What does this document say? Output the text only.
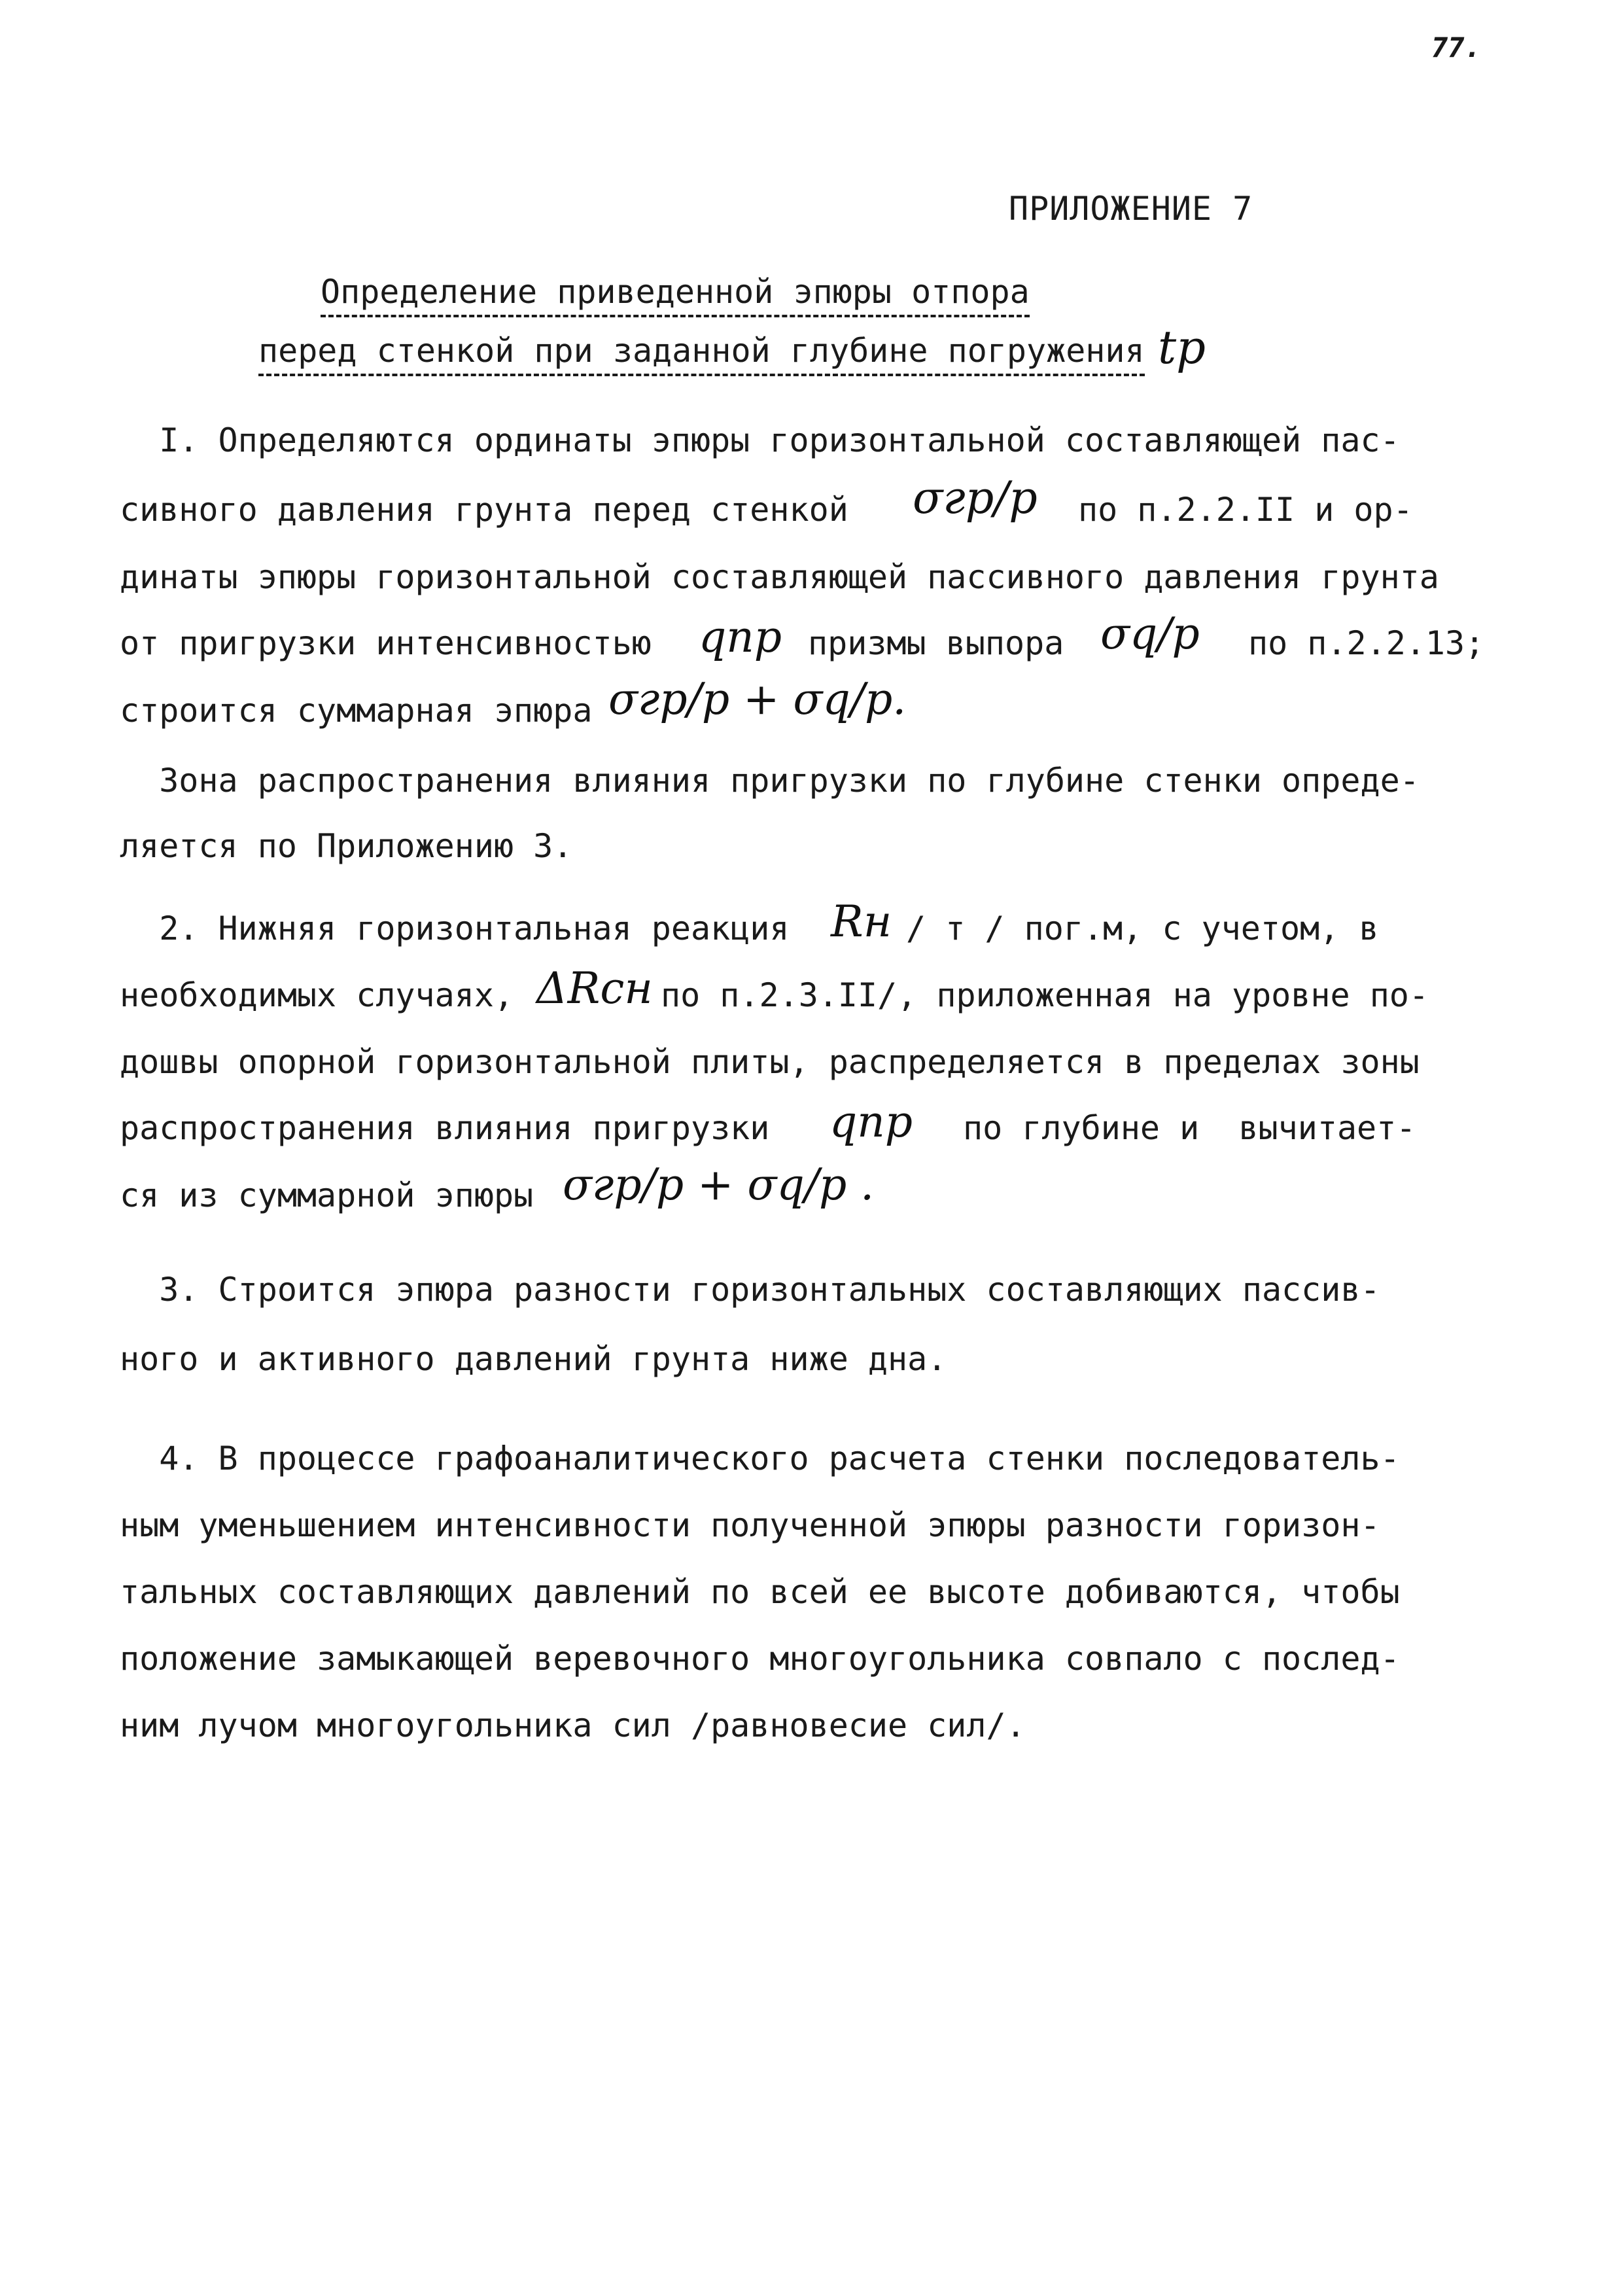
77.
ПРИЛОЖЕНИЕ 7
Определение приведенной эпюры отпора
перед стенкой при заданной глубине погружения tp
I. Определяются ординаты эпюры горизонтальной составляющей пас-
сивного давления грунта перед стенкой σгр/p по п.2.2.II и ор-
динаты эпюры горизонтальной составляющей пассивного давления грунта
от пригрузки интенсивностью qпр призмы выпора σq/p по п.2.2.13;
строится суммарная эпюра σгр/p + σq/p.
Зона распространения влияния пригрузки по глубине стенки опреде-
ляется по Приложению 3.
2. Нижняя горизонтальная реакция Rн / т / пог.м, с учетом, в
необходимых случаях, ΔRсн по п.2.3.II/, приложенная на уровне по-
дошвы опорной горизонтальной плиты, распределяется в пределах зоны
распространения влияния пригрузки qпр по глубине и  вычитает-
ся из суммарной эпюры σгр/p + σq/p .
3. Строится эпюра разности горизонтальных составляющих пассив-
ного и активного давлений грунта ниже дна.
4. В процессе графоаналитического расчета стенки последователь-
ным уменьшением интенсивности полученной эпюры разности горизон-
тальных составляющих давлений по всей ее высоте добиваются, чтобы
положение замыкающей веревочного многоугольника совпало с послед-
ним лучом многоугольника сил /равновесие сил/.
